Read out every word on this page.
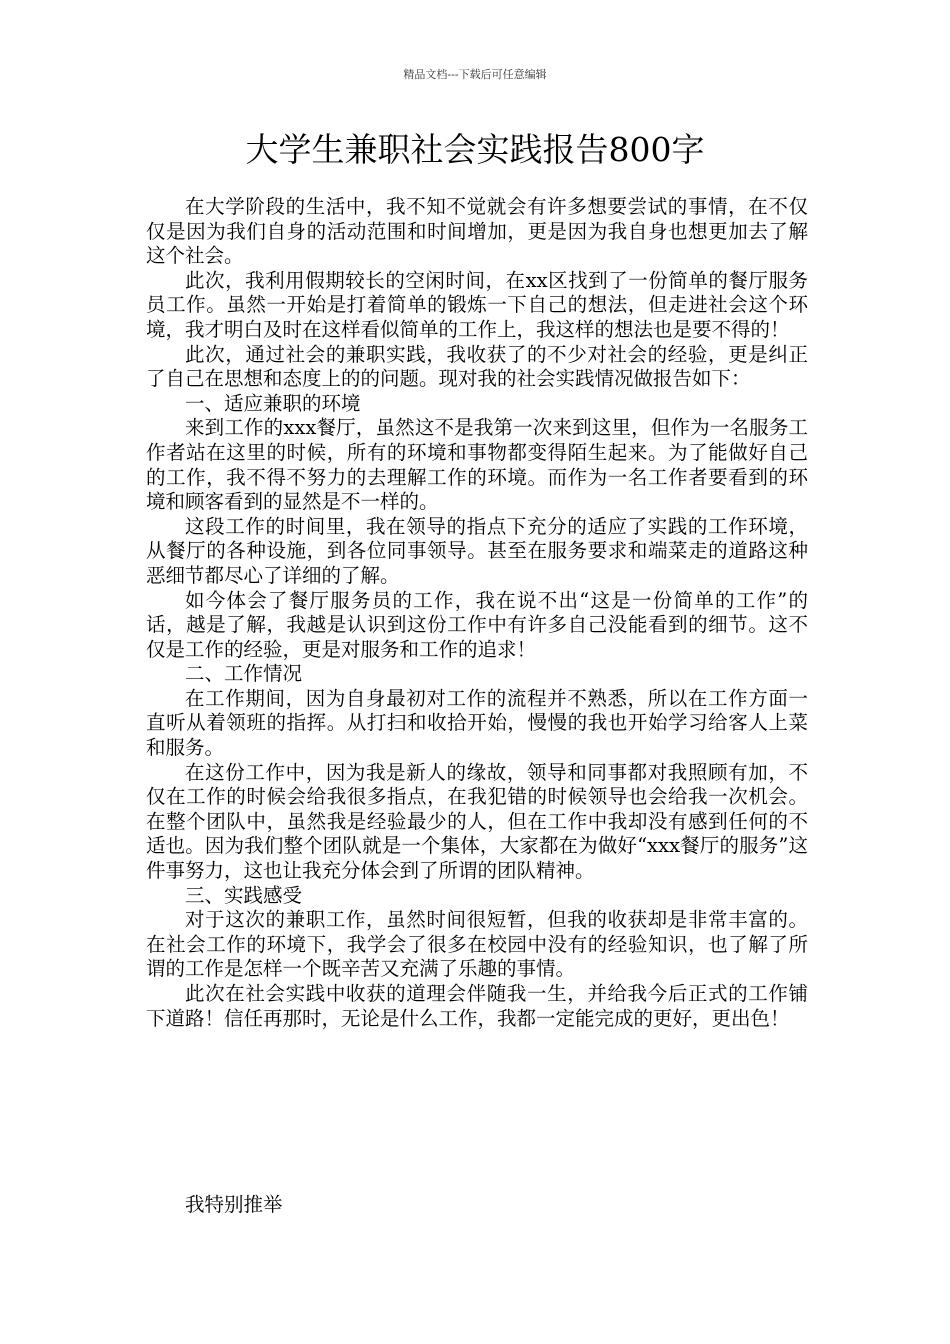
精品文档---下载后可任意编辑
大学生兼职社会实践报告800字

在大学阶段的生活中，我不知不觉就会有许多想要尝试的事情，在不仅仅是因为我们自身的活动范围和时间增加，更是因为我自身也想更加去了解这个社会。

此次，我利用假期较长的空闲时间，在xx区找到了一份简单的餐厅服务员工作。虽然一开始是打着简单的锻炼一下自己的想法，但走进社会这个环境，我才明白及时在这样看似简单的工作上，我这样的想法也是要不得的！

此次，通过社会的兼职实践，我收获了的不少对社会的经验，更是纠正了自己在思想和态度上的的问题。现对我的社会实践情况做报告如下：

一、适应兼职的环境

来到工作的xxx餐厅，虽然这不是我第一次来到这里，但作为一名服务工作者站在这里的时候，所有的环境和事物都变得陌生起来。为了能做好自己的工作，我不得不努力的去理解工作的环境。而作为一名工作者要看到的环境和顾客看到的显然是不一样的。

这段工作的时间里，我在领导的指点下充分的适应了实践的工作环境，从餐厅的各种设施，到各位同事领导。甚至在服务要求和端菜走的道路这种恶细节都尽心了详细的了解。

如今体会了餐厅服务员的工作，我在说不出“这是一份简单的工作”的话，越是了解，我越是认识到这份工作中有许多自己没能看到的细节。这不仅是工作的经验，更是对服务和工作的追求！

二、工作情况

在工作期间，因为自身最初对工作的流程并不熟悉，所以在工作方面一直听从着领班的指挥。从打扫和收拾开始，慢慢的我也开始学习给客人上菜和服务。

在这份工作中，因为我是新人的缘故，领导和同事都对我照顾有加，不仅在工作的时候会给我很多指点，在我犯错的时候领导也会给我一次机会。在整个团队中，虽然我是经验最少的人，但在工作中我却没有感到任何的不适也。因为我们整个团队就是一个集体，大家都在为做好“xxx餐厅的服务”这件事努力，这也让我充分体会到了所谓的团队精神。

三、实践感受

对于这次的兼职工作，虽然时间很短暂，但我的收获却是非常丰富的。在社会工作的环境下，我学会了很多在校园中没有的经验知识，也了解了所谓的工作是怎样一个既辛苦又充满了乐趣的事情。

此次在社会实践中收获的道理会伴随我一生，并给我今后正式的工作铺下道路！信任再那时，无论是什么工作，我都一定能完成的更好，更出色！

我特别推举
